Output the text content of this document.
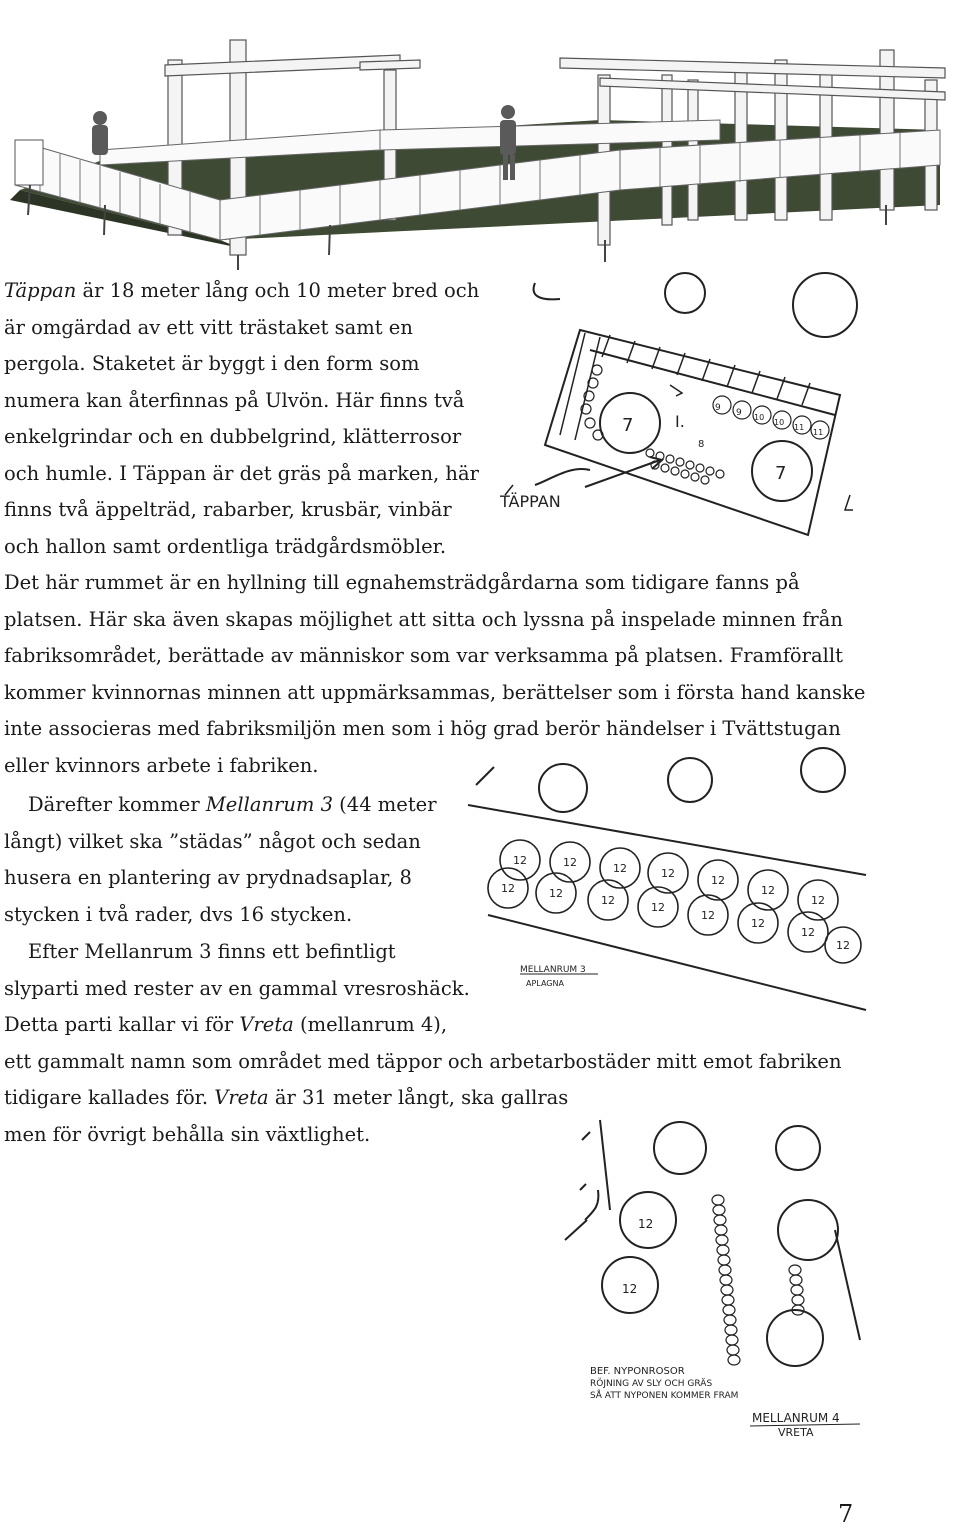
7
7
I.
9 9 10
10
11
11
8
TÄPPAN
12	12	12	12
12
12
12
12	12
12
12
12
12
12
12
MELLANRUM 3
APLAGNA
12
12
BEF. NYPONROSOR
RÖJNING AV SLY OCH GRÄS
SÅ ATT NYPONEN KOMMER FRAM
MELLANRUM 4
VRETA
Täppan är 18 meter lång och 10 meter bred och
är omgärdad av ett vitt trästaket samt en
pergola. Staketet är byggt i den form som
numera kan återfinnas på Ulvön. Här finns två
enkelgrindar och en dubbelgrind, klätterrosor
och humle. I Täppan är det gräs på marken, här
finns två äppelträd, rabarber, krusbär, vinbär
och hallon samt ordentliga trädgårdsmöbler.
Det här rummet är en hyllning till egnahemsträdgårdarna som tidigare fanns på
platsen. Här ska även skapas möjlighet att sitta och lyssna på inspelade minnen från
fabriksområdet, berättade av människor som var verksamma på platsen. Framförallt
kommer kvinnornas minnen att uppmärksammas, berättelser som i första hand kanske
inte associeras med fabriksmiljön men som i hög grad berör händelser i Tvättstugan
eller kvinnors arbete i fabriken.
Därefter kommer Mellanrum 3 (44 meter
långt) vilket ska ”städas” något och sedan
husera en plantering av prydnadsaplar, 8
stycken i två rader, dvs 16 stycken.
Efter Mellanrum 3 finns ett befintligt
slyparti med rester av en gammal vresroshäck.
Detta parti kallar vi för Vreta (mellanrum 4),
ett gammalt namn som området med täppor och arbetarbostäder mitt emot fabriken
tidigare kallades för. Vreta är 31 meter långt, ska gallras
men för övrigt behålla sin växtlighet.
7
